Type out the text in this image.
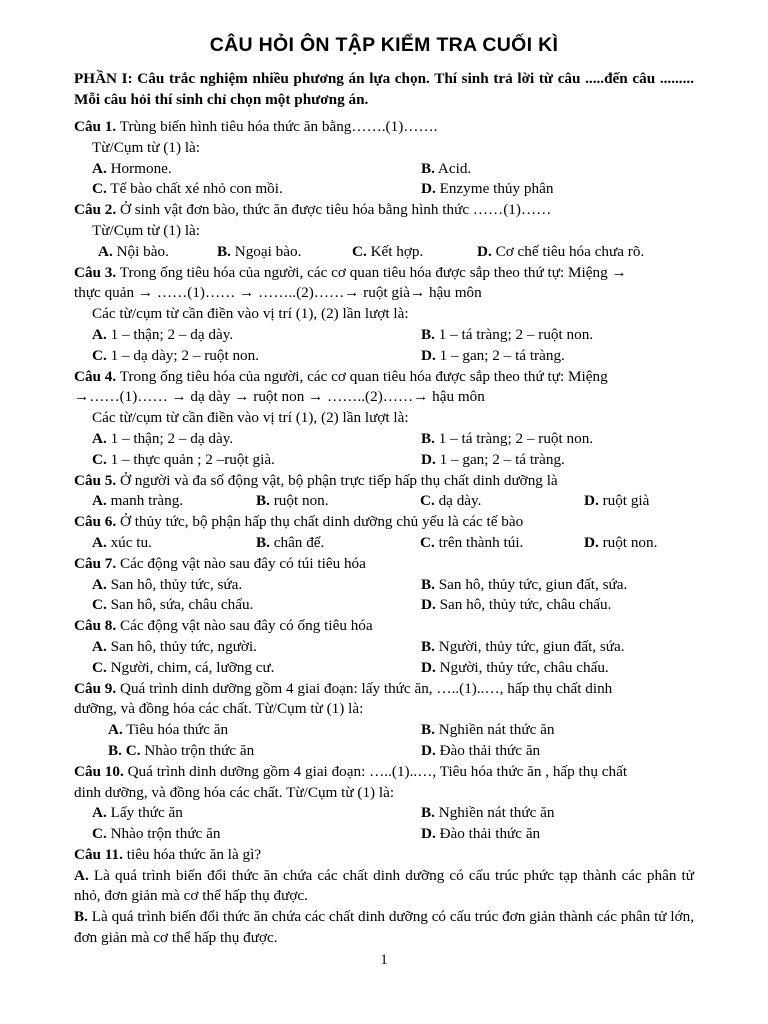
CÂU HỎI ÔN TẬP KIỂM TRA CUỐI KÌ
PHẦN I: Câu trắc nghiệm nhiều phương án lựa chọn. Thí sinh trả lời từ câu .....đến câu ......... Mỗi câu hỏi thí sinh chỉ chọn một phương án.
Câu 1. Trùng biến hình tiêu hóa thức ăn bằng…….(1)…….
Từ/Cụm từ (1) là:
A. Hormone.	B. Acid.
C. Tế bào chất xé nhỏ con mồi.	D. Enzyme thủy phân
Câu 2. Ở sinh vật đơn bào, thức ăn được tiêu hóa bằng hình thức ……(1)……
Từ/Cụm từ (1) là:
A. Nội bào.	B. Ngoại bào.	C. Kết hợp.	D. Cơ chế tiêu hóa chưa rõ.
Câu 3. Trong ống tiêu hóa của người, các cơ quan tiêu hóa được sắp theo thứ tự: Miệng →
thực quản → ……(1)…… → ……..(2)……→ ruột già→ hậu môn
Các từ/cụm từ cần điền vào vị trí (1), (2) lần lượt là:
A. 1 – thận; 2 – dạ dày.	B. 1 – tá tràng; 2 – ruột non.
C. 1 – dạ dày; 2 – ruột non.	D. 1 – gan; 2 – tá tràng.
Câu 4. Trong ống tiêu hóa của người, các cơ quan tiêu hóa được sắp theo thứ tự: Miệng
→……(1)…… → dạ dày → ruột non → ……..(2)……→ hậu môn
Các từ/cụm từ cần điền vào vị trí (1), (2) lần lượt là:
A. 1 – thận; 2 – dạ dày.	B. 1 – tá tràng; 2 – ruột non.
C. 1 – thực quản ; 2 –ruột già.	D. 1 – gan; 2 – tá tràng.
Câu 5. Ở người và đa số động vật, bộ phận trực tiếp hấp thụ chất dinh dưỡng là
A. manh tràng.	B. ruột non.	C. dạ dày.	D. ruột già
Câu 6. Ở thủy tức, bộ phận hấp thụ chất dinh dưỡng chủ yếu là các tế bào
A. xúc tu.	B. chân đế.	C. trên thành túi.	D. ruột non.
Câu 7. Các động vật nào sau đây có túi tiêu hóa
A. San hô, thủy tức, sứa.	B. San hô, thủy tức, giun đất, sứa.
C. San hô, sứa, châu chấu.	D. San hô, thủy tức, châu chấu.
Câu 8. Các động vật nào sau đây có ống tiêu hóa
A. San hô, thủy tức, người.	B. Người, thủy tức, giun đất, sứa.
C. Người, chim, cá, lưỡng cư.	D. Người, thủy tức, châu chấu.
Câu 9. Quá trình dinh dưỡng gồm 4 giai đoạn: lấy thức ăn, …..(1)..…, hấp thụ chất dinh
dưỡng, và đồng hóa các chất. Từ/Cụm từ (1) là:
A. Tiêu hóa thức ăn	B. Nghiền nát thức ăn
B. C. Nhào trộn thức ăn	D. Đào thải thức ăn
Câu 10. Quá trình dinh dưỡng gồm 4 giai đoạn: …..(1)..…, Tiêu hóa thức ăn , hấp thụ chất
dinh dưỡng, và đồng hóa các chất. Từ/Cụm từ (1) là:
A. Lấy thức ăn	B. Nghiền nát thức ăn
C. Nhào trộn thức ăn	D. Đào thải thức ăn
Câu 11. tiêu hóa thức ăn là gì?
A. Là quá trình biến đổi thức ăn chứa các chất dinh dưỡng có cấu trúc phức tạp thành các phân tử nhỏ, đơn giản mà cơ thể hấp thụ được.
B. Là quá trình biến đổi thức ăn chứa các chất dinh dưỡng có cấu trúc đơn giản thành các phân tử lớn, đơn giản mà cơ thể hấp thụ được.
1
